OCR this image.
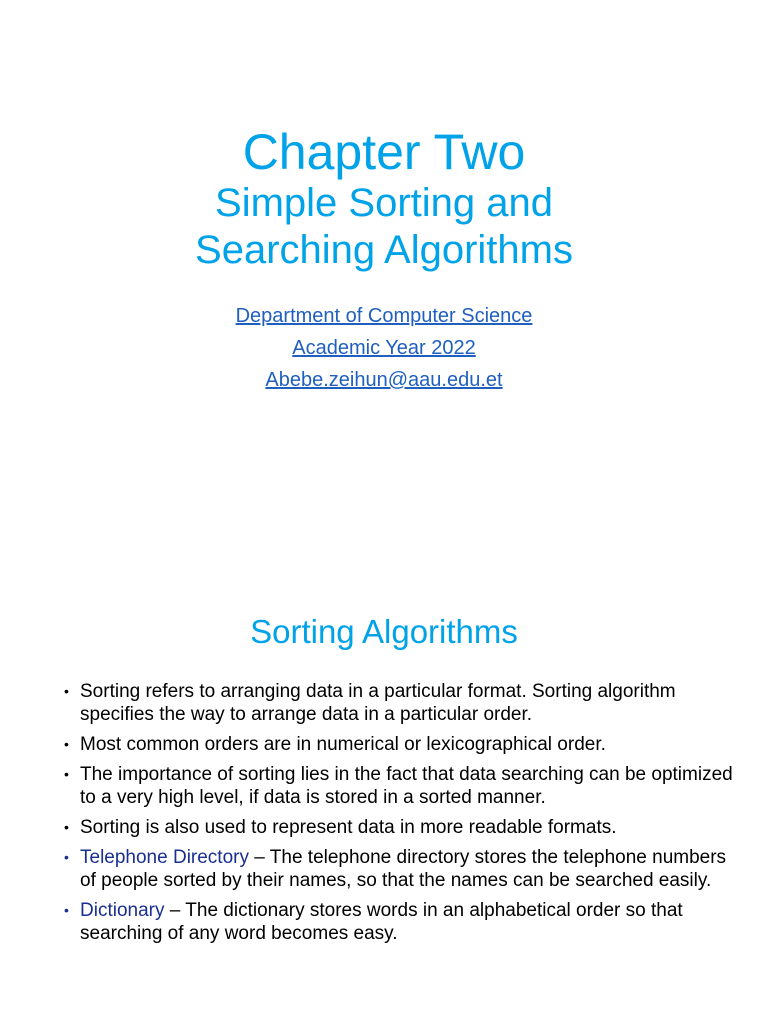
Chapter Two
Simple Sorting and
Searching Algorithms
Department of Computer Science
Academic Year 2022
Abebe.zeihun@aau.edu.et
Sorting Algorithms
• Sorting refers to arranging data in a particular format. Sorting algorithm specifies the way to arrange data in a particular order.
• Most common orders are in numerical or lexicographical order.
• The importance of sorting lies in the fact that data searching can be optimized to a very high level, if data is stored in a sorted manner.
• Sorting is also used to represent data in more readable formats.
• Telephone Directory – The telephone directory stores the telephone numbers of people sorted by their names, so that the names can be searched easily.
• Dictionary – The dictionary stores words in an alphabetical order so that searching of any word becomes easy.
